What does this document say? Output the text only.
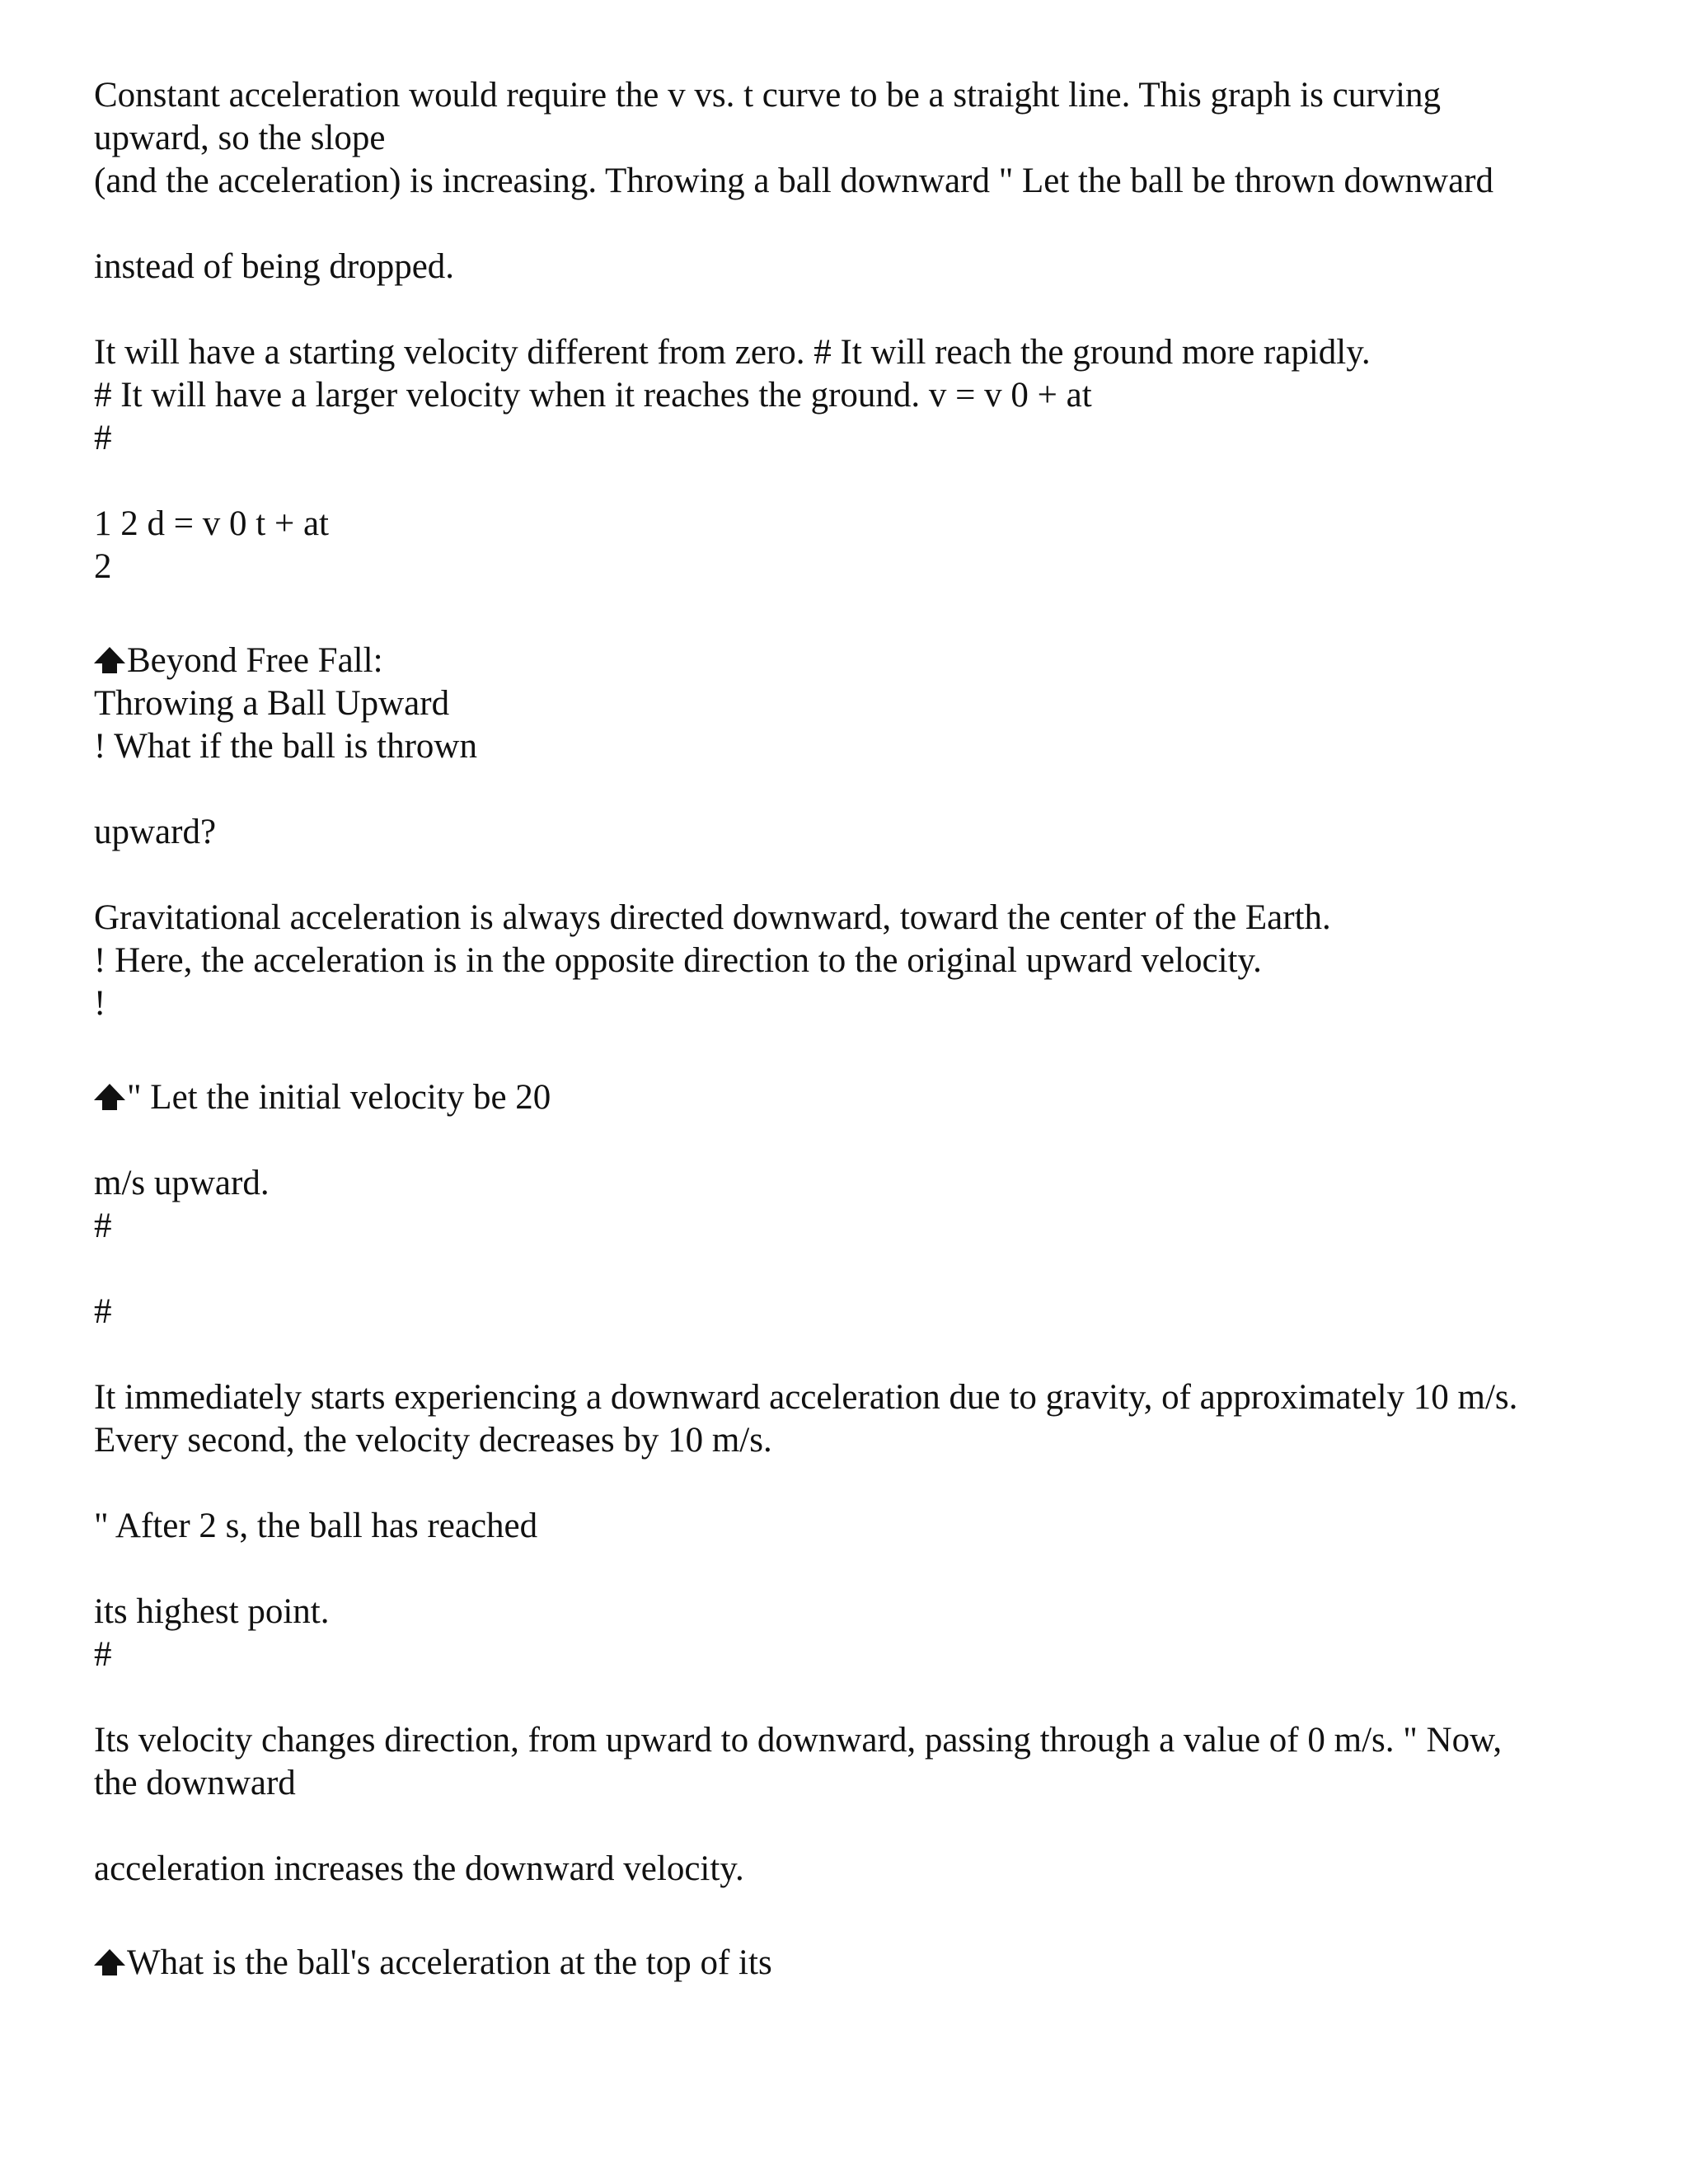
Constant acceleration would require the v vs. t curve to be a straight line. This graph is curving
upward, so the slope
(and the acceleration) is increasing. Throwing a ball downward " Let the ball be thrown downward
instead of being dropped.
It will have a starting velocity different from zero. # It will reach the ground more rapidly.
# It will have a larger velocity when it reaches the ground. v = v 0 + at
#
1 2 d = v 0 t + at
2
Beyond Free Fall:
Throwing a Ball Upward
! What if the ball is thrown
upward?
Gravitational acceleration is always directed downward, toward the center of the Earth.
! Here, the acceleration is in the opposite direction to the original upward velocity.
!
" Let the initial velocity be 20
m/s upward.
#
#
It immediately starts experiencing a downward acceleration due to gravity, of approximately 10 m/s.
Every second, the velocity decreases by 10 m/s.
" After 2 s, the ball has reached
its highest point.
#
Its velocity changes direction, from upward to downward, passing through a value of 0 m/s. " Now,
the downward
acceleration increases the downward velocity.
What is the ball's acceleration at the top of its
